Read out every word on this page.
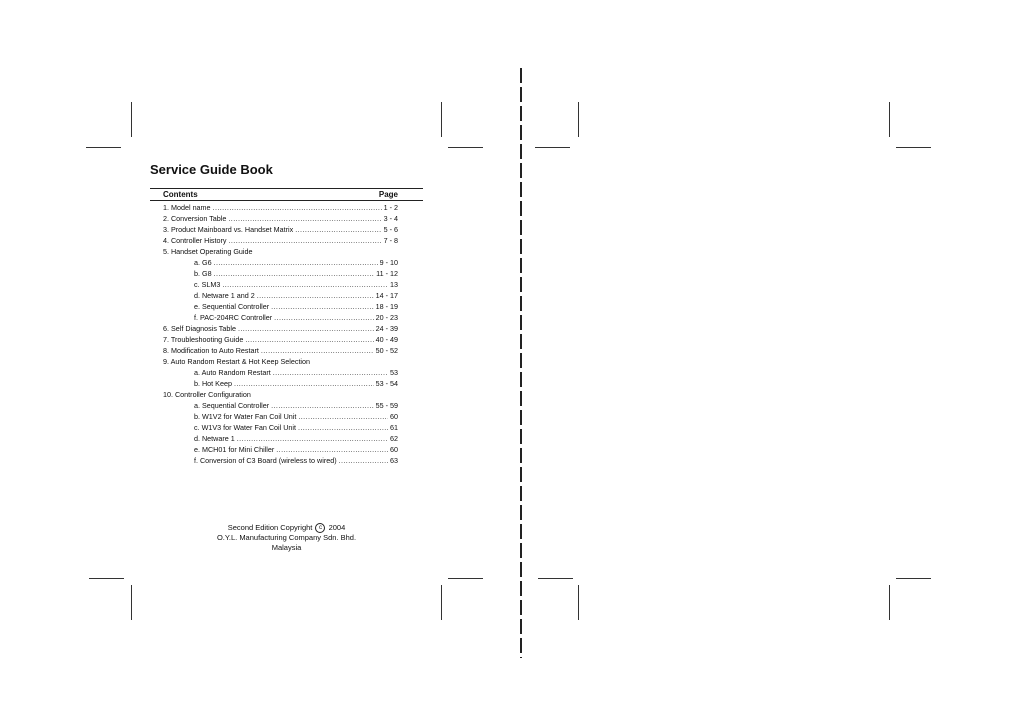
Service Guide Book
Contents	Page
1. Model name .....	1 - 2
2. Conversion Table .....	3 - 4
3. Product Mainboard vs. Handset Matrix .....	5 - 6
4. Controller History .....	7 - 8
5. Handset Operating Guide
a. G6 .....	9 - 10
b. G8 .....	11 - 12
c. SLM3 .....	13
d. Netware 1 and 2 .....	14 - 17
e. Sequential Controller .....	18 - 19
f. PAC-204RC Controller .....	20 - 23
6. Self Diagnosis Table .....	24 - 39
7. Troubleshooting Guide .....	40 - 49
8. Modification to Auto Restart .....	50 - 52
9. Auto Random Restart & Hot Keep Selection
a. Auto Random Restart .....	53
b. Hot Keep .....	53 - 54
10. Controller Configuration
a. Sequential Controller .....	55 - 59
b. W1V2 for Water Fan Coil Unit .....	60
c. W1V3 for Water Fan Coil Unit .....	61
d. Netware 1 .....	62
e. MCH01 for Mini Chiller .....	60
f. Conversion of C3 Board (wireless to wired) .....	63
Second Edition Copyright c 2004
O.Y.L. Manufacturing Company Sdn. Bhd.
Malaysia
